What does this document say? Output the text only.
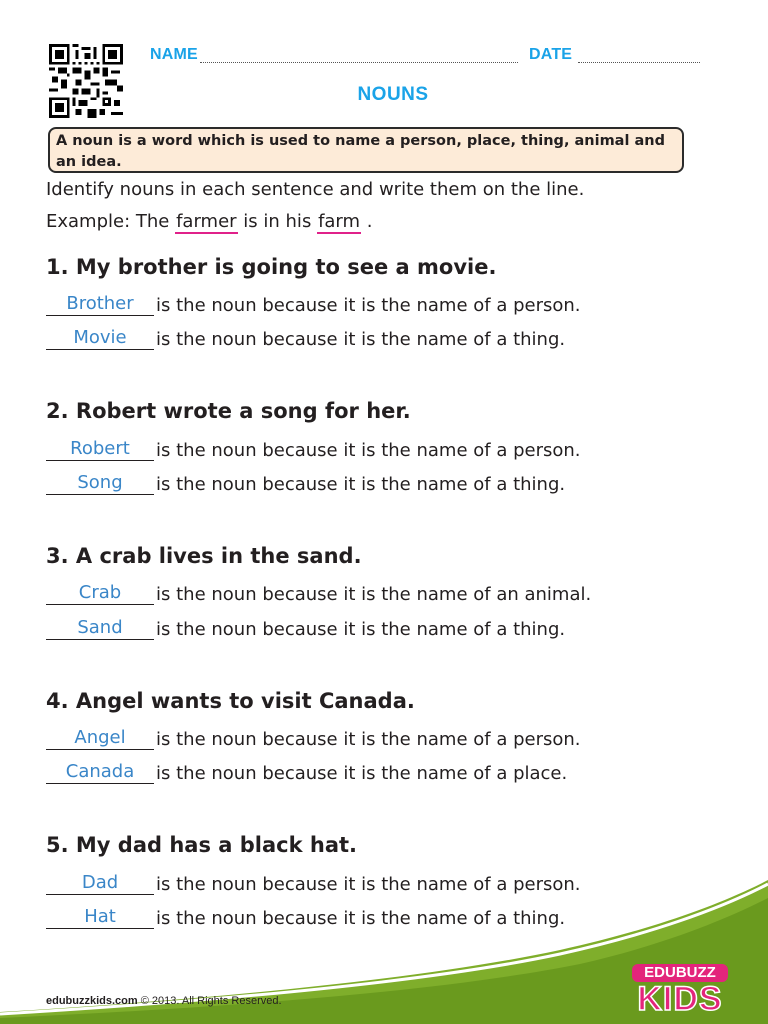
NAME	DATE
NOUNS
A noun is a word which is used to name a person, place, thing, animal and an idea.
Identify nouns in each sentence and write them on the line.
Example: The farmer is in his farm .
1. My brother is going to see a movie.
Brother	is the noun because it is the name of a person.
Movie	is the noun because it is the name of a thing.
2. Robert wrote a song for her.
Robert	is the noun because it is the name of a person.
Song	is the noun because it is the name of a thing.
3. A crab lives in the sand.
Crab	is the noun because it is the name of an animal.
Sand	is the noun because it is the name of a thing.
4. Angel wants to visit Canada.
Angel	is the noun because it is the name of a person.
Canada	is the noun because it is the name of a place.
5. My dad has a black hat.
Dad	is the noun because it is the name of a person.
Hat	is the noun because it is the name of a thing.
edubuzzkids.com © 2013. All Rights Reserved.
EDUBUZZ
KIDS
